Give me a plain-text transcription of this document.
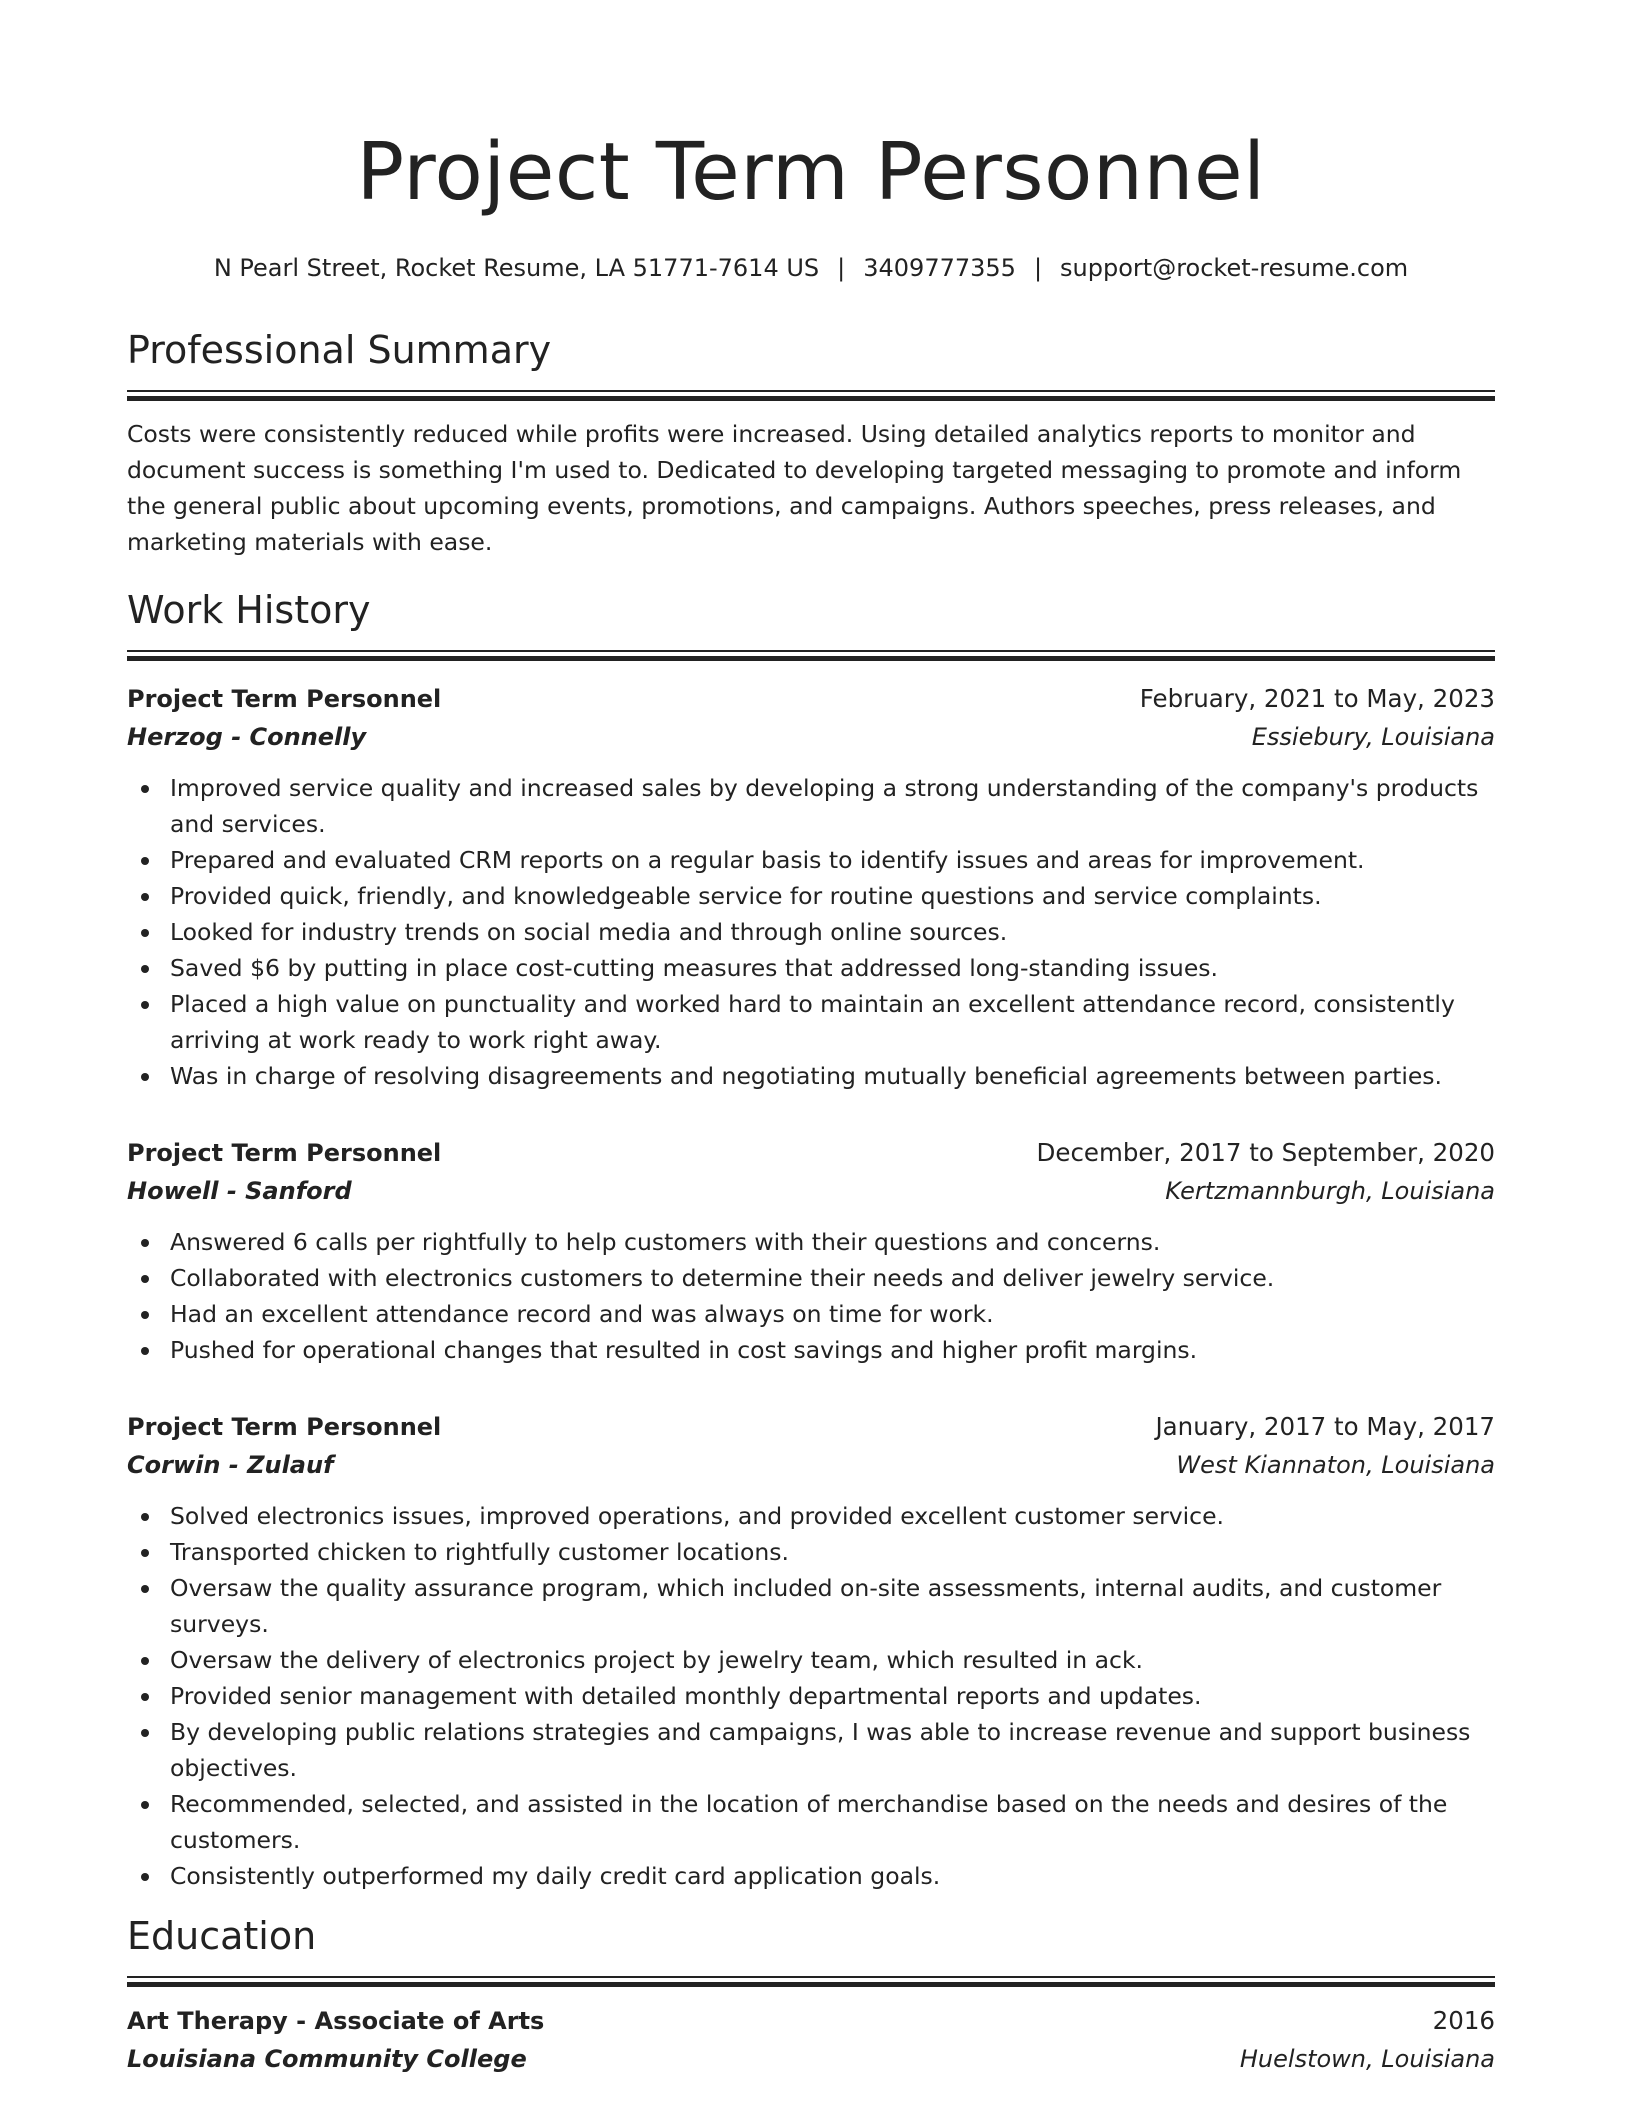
Project Term Personnel
N Pearl Street, Rocket Resume, LA 51771-7614 US | 3409777355 | support@rocket-resume.com
Professional Summary

Costs were consistently reduced while profits were increased. Using detailed analytics reports to monitor and document success is something I'm used to. Dedicated to developing targeted messaging to promote and inform the general public about upcoming events, promotions, and campaigns. Authors speeches, press releases, and marketing materials with ease.

Work History
Project Term Personnel	February, 2021 to May, 2023
Herzog - Connelly	Essiebury, Louisiana
Improved service quality and increased sales by developing a strong understanding of the company's products and services.
Prepared and evaluated CRM reports on a regular basis to identify issues and areas for improvement.
Provided quick, friendly, and knowledgeable service for routine questions and service complaints.
Looked for industry trends on social media and through online sources.
Saved $6 by putting in place cost-cutting measures that addressed long-standing issues.
Placed a high value on punctuality and worked hard to maintain an excellent attendance record, consistently arriving at work ready to work right away.
Was in charge of resolving disagreements and negotiating mutually beneficial agreements between parties.
Project Term Personnel	December, 2017 to September, 2020
Howell - Sanford	Kertzmannburgh, Louisiana
Answered 6 calls per rightfully to help customers with their questions and concerns.
Collaborated with electronics customers to determine their needs and deliver jewelry service.
Had an excellent attendance record and was always on time for work.
Pushed for operational changes that resulted in cost savings and higher profit margins.
Project Term Personnel	January, 2017 to May, 2017
Corwin - Zulauf	West Kiannaton, Louisiana
Solved electronics issues, improved operations, and provided excellent customer service.
Transported chicken to rightfully customer locations.
Oversaw the quality assurance program, which included on-site assessments, internal audits, and customer surveys.
Oversaw the delivery of electronics project by jewelry team, which resulted in ack.
Provided senior management with detailed monthly departmental reports and updates.
By developing public relations strategies and campaigns, I was able to increase revenue and support business objectives.
Recommended, selected, and assisted in the location of merchandise based on the needs and desires of the customers.
Consistently outperformed my daily credit card application goals.
Education
Art Therapy - Associate of Arts	2016
Louisiana Community College	Huelstown, Louisiana
